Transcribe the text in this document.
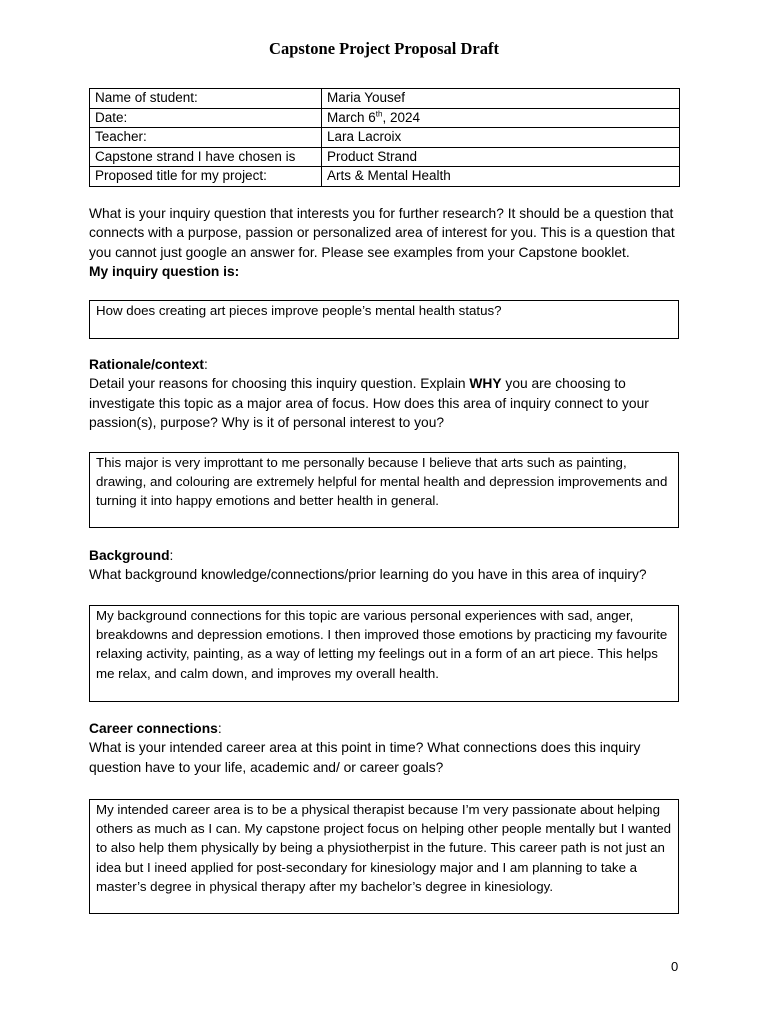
Capstone Project Proposal Draft
Name of student:	Maria Yousef
Date:	March 6th, 2024
Teacher:	Lara Lacroix
Capstone strand I have chosen is	Product Strand
Proposed title for my project:	Arts & Mental Health
What is your inquiry question that interests you for further research? It should be a question that connects with a purpose, passion or personalized area of interest for you. This is a question that you cannot just google an answer for. Please see examples from your Capstone booklet.
My inquiry question is:
How does creating art pieces improve people’s mental health status?
Rationale/context:
Detail your reasons for choosing this inquiry question. Explain WHY you are choosing to investigate this topic as a major area of focus. How does this area of inquiry connect to your passion(s), purpose? Why is it of personal interest to you?
This major is very improttant to me personally because I believe that arts such as painting, drawing, and colouring are extremely helpful for mental health and depression improvements and turning it into happy emotions and better health in general.
Background:
What background knowledge/connections/prior learning do you have in this area of inquiry?
My background connections for this topic are various personal experiences with sad, anger, breakdowns and depression emotions. I then improved those emotions by practicing my favourite relaxing activity, painting, as a way of letting my feelings out in a form of an art piece. This helps me relax, and calm down, and improves my overall health.
Career connections:
What is your intended career area at this point in time? What connections does this inquiry question have to your life, academic and/ or career goals?
My intended career area is to be a physical therapist because I’m very passionate about helping others as much as I can. My capstone project focus on helping other people mentally but I wanted to also help them physically by being a physiotherpist in the future. This career path is not just an idea but I ineed applied for post-secondary for kinesiology major and I am planning to take a master’s degree in physical therapy after my bachelor’s degree in kinesiology.
0
